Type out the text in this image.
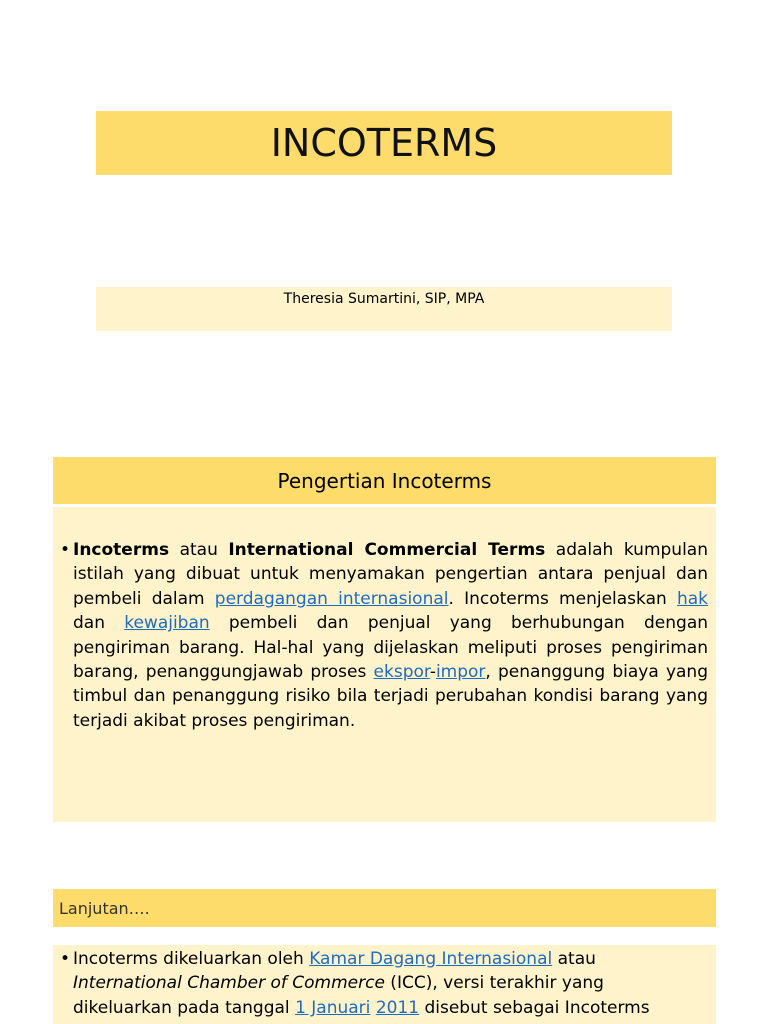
INCOTERMS
Theresia Sumartini, SIP, MPA
Pengertian Incoterms
• Incoterms atau International Commercial Terms adalah kumpulan istilah yang dibuat untuk menyamakan pengertian antara penjual dan pembeli dalam perdagangan internasional. Incoterms menjelaskan hak dan kewajiban pembeli dan penjual yang berhubungan dengan pengiriman barang. Hal-hal yang dijelaskan meliputi proses pengiriman barang, penanggungjawab proses ekspor-impor, penanggung biaya yang timbul dan penanggung risiko bila terjadi perubahan kondisi barang yang terjadi akibat proses pengiriman.
Lanjutan….
• Incoterms dikeluarkan oleh Kamar Dagang Internasional atau International Chamber of Commerce (ICC), versi terakhir yang dikeluarkan pada tanggal 1 Januari 2011 disebut sebagai Incoterms
